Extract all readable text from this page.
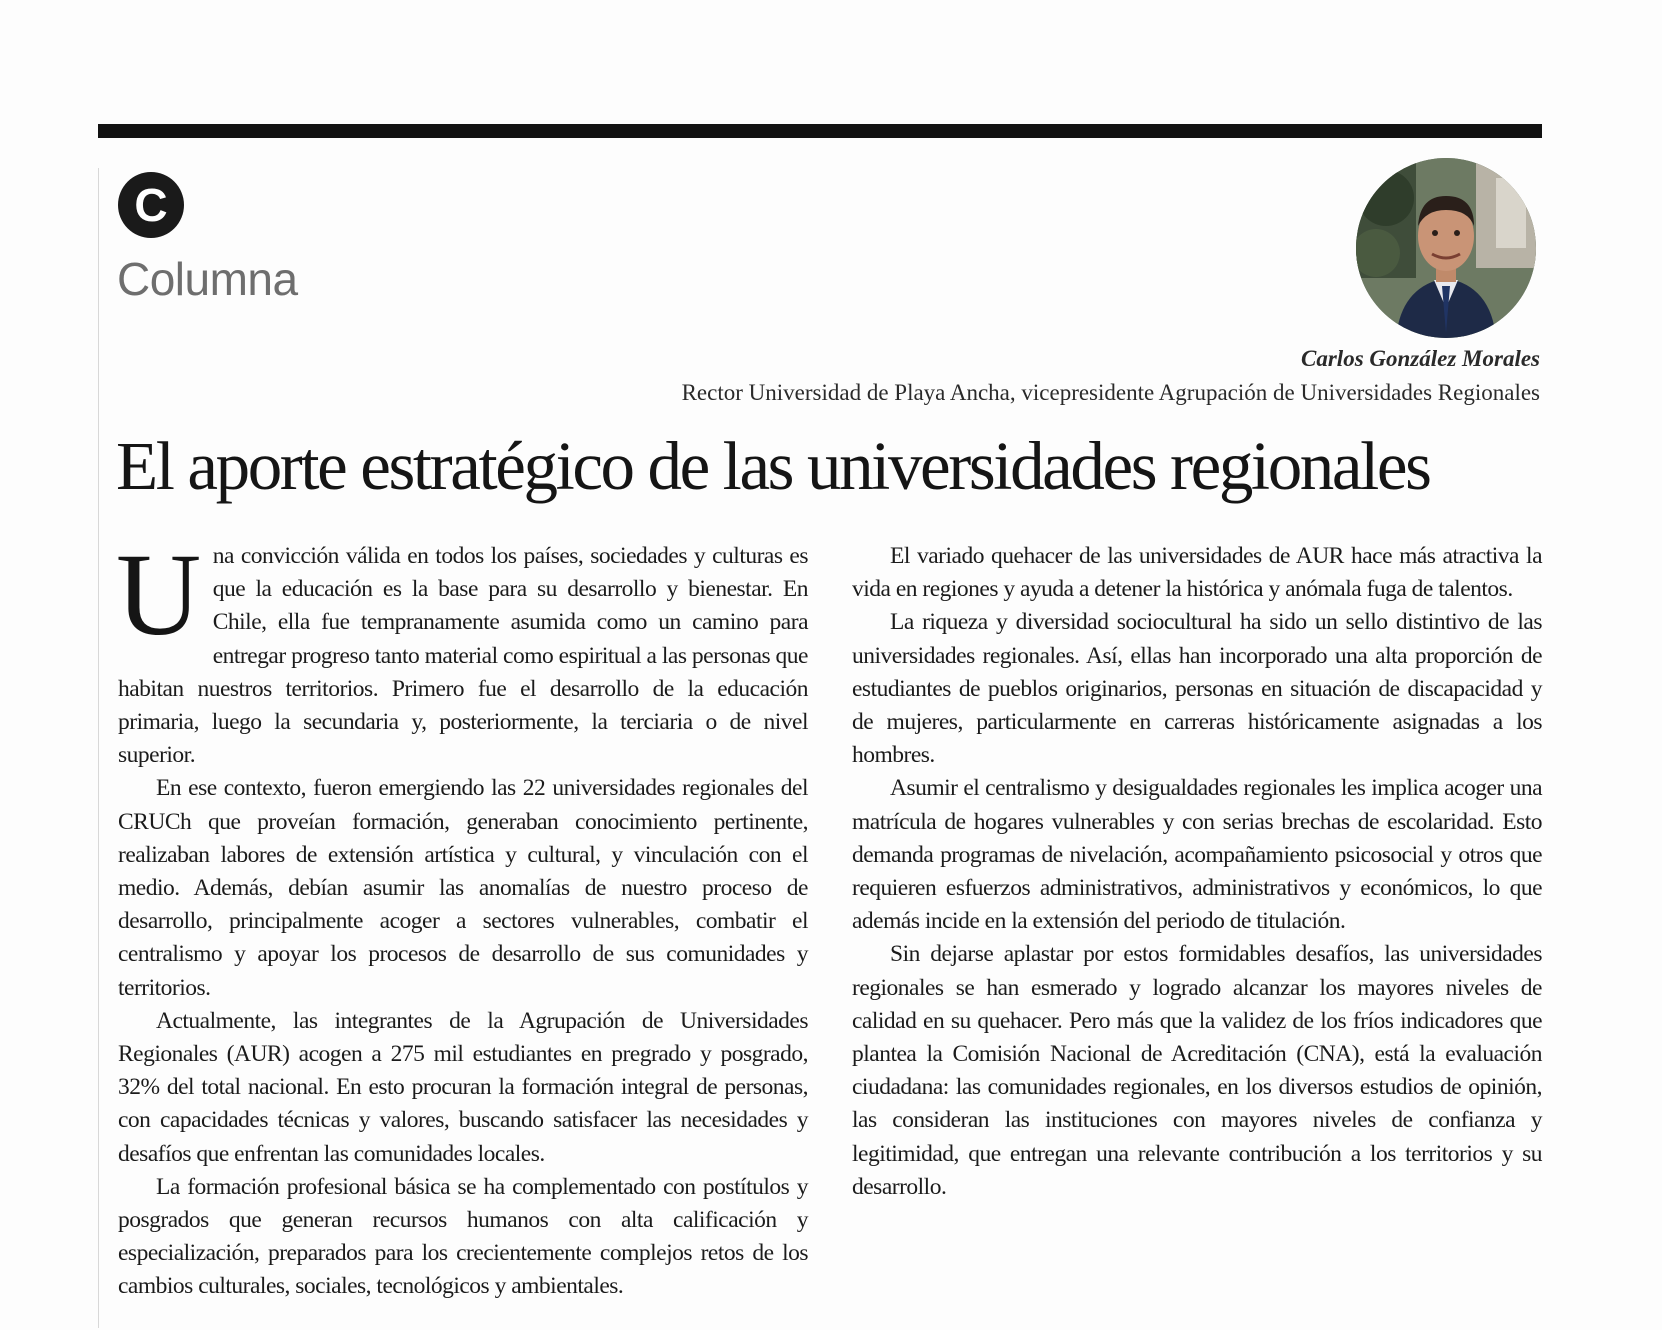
C
Columna
Carlos González Morales
Rector Universidad de Playa Ancha, vicepresidente Agrupación de Universidades Regionales
El aporte estratégico de las universidades regionales

Una convicción válida en todos los países, sociedades y culturas es que la educación es la base para su desarrollo y bienestar. En Chile, ella fue tempranamente asumida como un camino para entregar progreso tanto material como espiritual a las personas que habitan nuestros territorios. Primero fue el desarrollo de la educación primaria, luego la secundaria y, posteriormente, la terciaria o de nivel superior.

En ese contexto, fueron emergiendo las 22 universidades regionales del CRUCh que proveían formación, generaban conocimiento pertinente, realizaban labores de extensión artística y cultural, y vinculación con el medio. Además, debían asumir las anomalías de nuestro proceso de desarrollo, principalmente acoger a sectores vulnerables, combatir el centralismo y apoyar los procesos de desarrollo de sus comunidades y territorios.

Actualmente, las integrantes de la Agrupación de Universidades Regionales (AUR) acogen a 275 mil estudiantes en pregrado y posgrado, 32% del total nacional. En esto procuran la formación integral de personas, con capacidades técnicas y valores, buscando satisfacer las necesidades y desafíos que enfrentan las comunidades locales.

La formación profesional básica se ha complementado con postítulos y posgrados que generan recursos humanos con alta calificación y especialización, preparados para los crecientemente complejos retos de los cambios culturales, sociales, tecnológicos y ambientales.

El variado quehacer de las universidades de AUR hace más atractiva la vida en regiones y ayuda a detener la histórica y anómala fuga de talentos.

La riqueza y diversidad sociocultural ha sido un sello distintivo de las universidades regionales. Así, ellas han incorporado una alta proporción de estudiantes de pueblos originarios, personas en situación de discapacidad y de mujeres, particularmente en carreras históricamente asignadas a los hombres.

Asumir el centralismo y desigualdades regionales les implica acoger una matrícula de hogares vulnerables y con serias brechas de escolaridad. Esto demanda programas de nivelación, acompañamiento psicosocial y otros que requieren esfuerzos administrativos, administrativos y económicos, lo que además incide en la extensión del periodo de titulación.

Sin dejarse aplastar por estos formidables desafíos, las universidades regionales se han esmerado y logrado alcanzar los mayores niveles de calidad en su quehacer. Pero más que la validez de los fríos indicadores que plantea la Comisión Nacional de Acreditación (CNA), está la evaluación ciudadana: las comunidades regionales, en los diversos estudios de opinión, las consideran las instituciones con mayores niveles de confianza y legitimidad, que entregan una relevante contribución a los territorios y su desarrollo.
